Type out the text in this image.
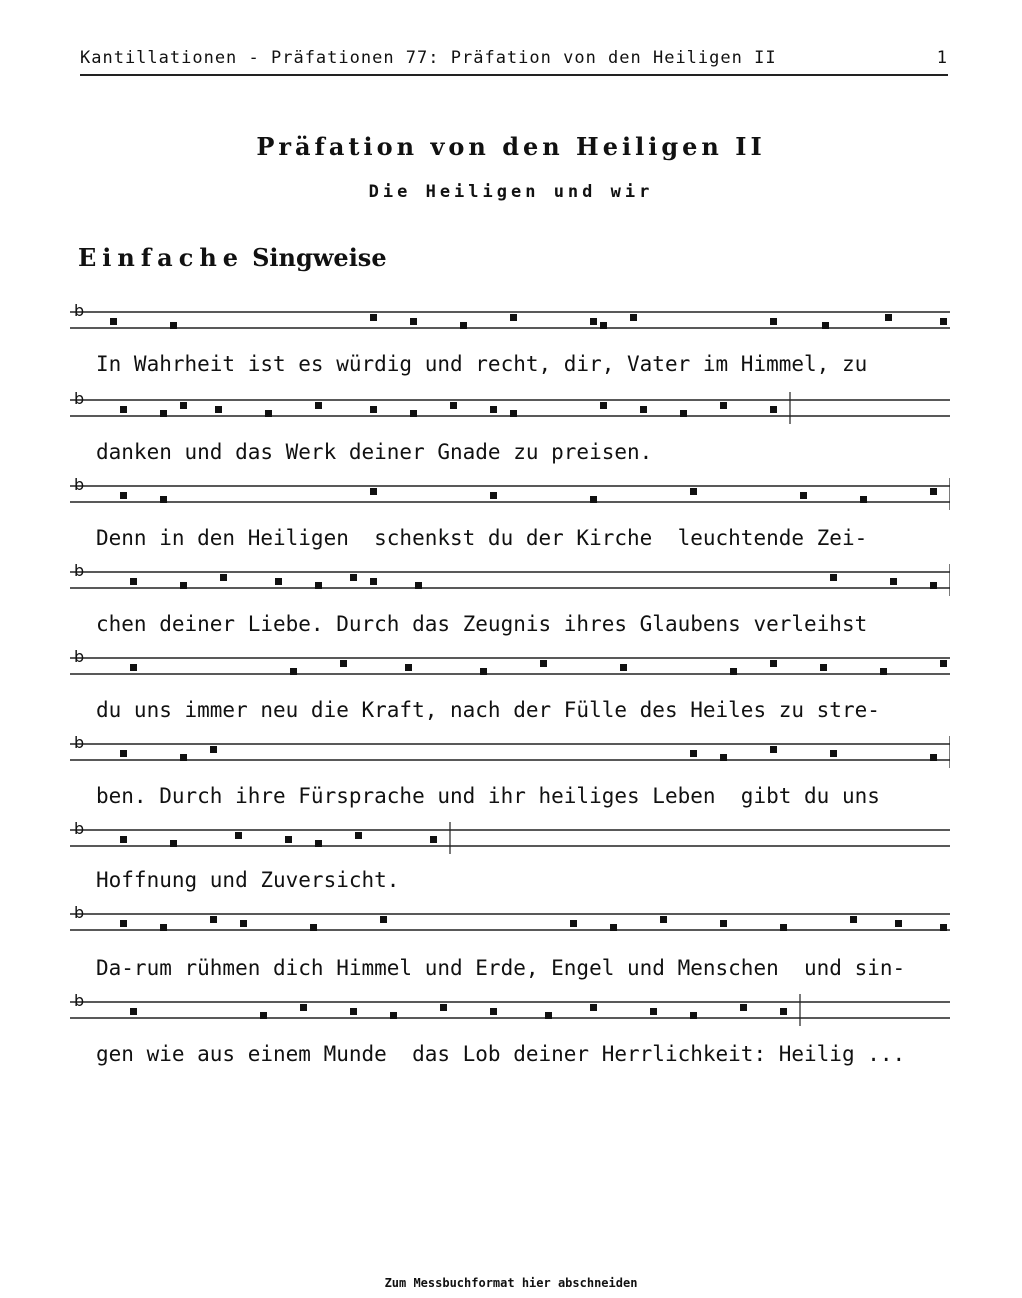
Kantillationen - Präfationen 77: Präfation von den Heiligen II	1
Präfation von den Heiligen II
Die Heiligen und wir
Einfache Singweise
b
In Wahrheit ist es würdig und recht, dir, Vater im Himmel, zu
b
danken und das Werk deiner Gnade zu preisen.
b
Denn in den Heiligen  schenkst du der Kirche  leuchtende Zei-
b
chen deiner Liebe. Durch das Zeugnis ihres Glaubens verleihst
b
du uns immer neu die Kraft, nach der Fülle des Heiles zu stre-
b
ben. Durch ihre Fürsprache und ihr heiliges Leben  gibt du uns
b
Hoffnung und Zuversicht.
b
Da-rum rühmen dich Himmel und Erde, Engel und Menschen  und sin-
b
gen wie aus einem Munde  das Lob deiner Herrlichkeit: Heilig ...
Zum Messbuchformat hier abschneiden
